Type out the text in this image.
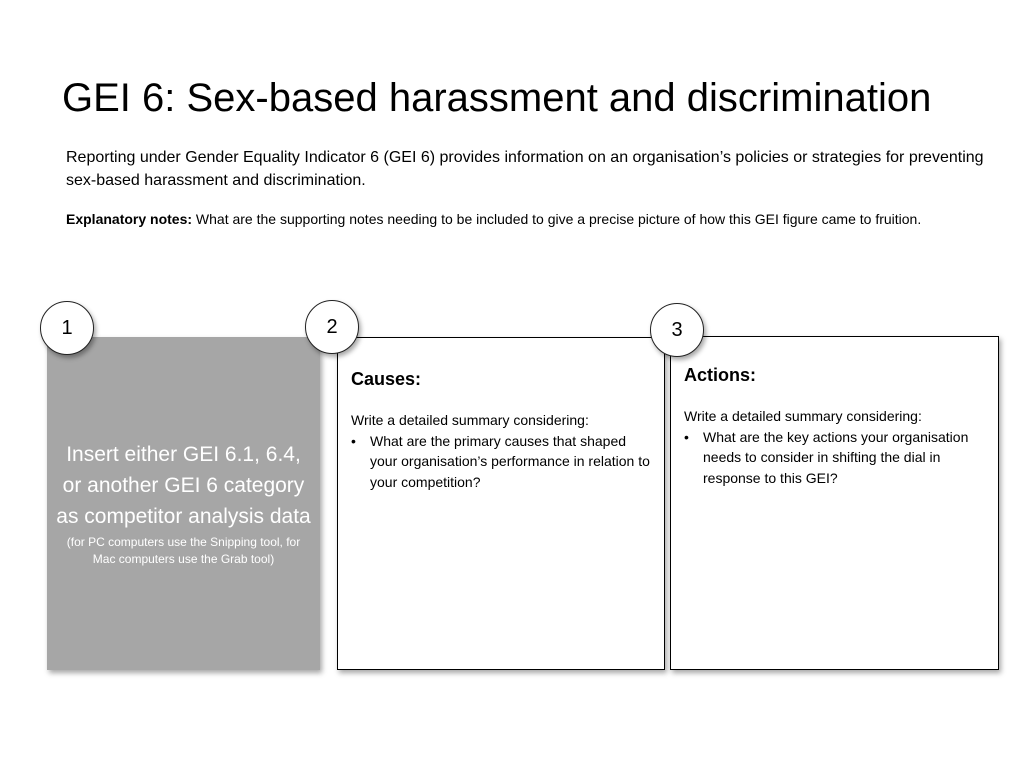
GEI 6: Sex-based harassment and discrimination

Reporting under Gender Equality Indicator 6 (GEI 6) provides information on an organisation’s policies or strategies for preventing sex-based harassment and discrimination.

Explanatory notes: What are the supporting notes needing to be included to give a precise picture of how this GEI figure came to fruition.

Insert either GEI 6.1, 6.4, or another GEI 6 category as competitor analysis data
(for PC computers use the Snipping tool, for Mac computers use the Grab tool)

Causes:

Write a detailed summary considering:

• What are the primary causes that shaped your organisation’s performance in relation to your competition?

Actions:

Write a detailed summary considering:

• What are the key actions your organisation needs to consider in shifting the dial in response to this GEI?
1	2	3
